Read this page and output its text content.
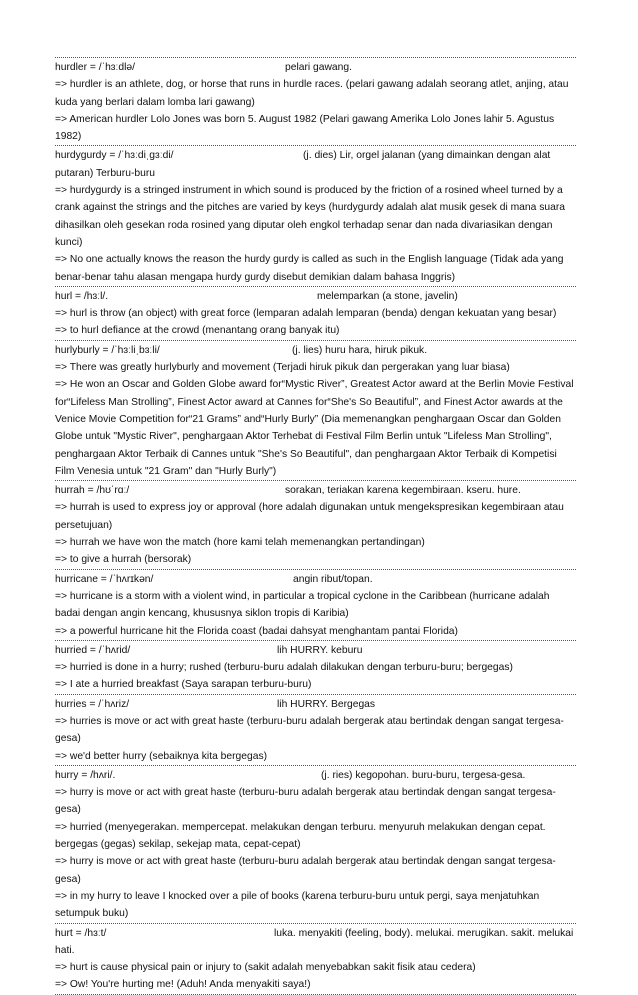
hurdler = /ˈhɜːdlə/	pelari gawang.
=> hurdler is an athlete, dog, or horse that runs in hurdle races. (pelari gawang adalah seorang atlet, anjing, atau kuda yang berlari dalam lomba lari gawang)
=> American hurdler Lolo Jones was born 5. August 1982 (Pelari gawang Amerika Lolo Jones lahir 5. Agustus 1982)
hurdygurdy = /ˈhɜːdiˌɡɜːdi/	(j. dies) Lir, orgel jalanan (yang dimainkan dengan alat putaran) Terburu-buru
=> hurdygurdy is a stringed instrument in which sound is produced by the friction of a rosined wheel turned by a crank against the strings and the pitches are varied by keys (hurdygurdy adalah alat musik gesek di mana suara dihasilkan oleh gesekan roda rosined yang diputar oleh engkol terhadap senar dan nada divariasikan dengan kunci)
=> No one actually knows the reason the hurdy gurdy is called as such in the English language (Tidak ada yang benar-benar tahu alasan mengapa hurdy gurdy disebut demikian dalam bahasa Inggris)
hurl = /hɜːl/.	melemparkan (a stone, javelin)
=> hurl is throw (an object) with great force (lemparan adalah lemparan (benda) dengan kekuatan yang besar)
=> to hurl defiance at the crowd (menantang orang banyak itu)
hurlyburly = /ˈhɜːliˌbɜːli/	(j. lies) huru hara, hiruk pikuk.
=> There was greatly hurlyburly and movement (Terjadi hiruk pikuk dan pergerakan yang luar biasa)
=> He won an Oscar and Golden Globe award for“Mystic River”, Greatest Actor award at the Berlin Movie Festival for“Lifeless Man Strolling”, Finest Actor award at Cannes for“She's So Beautiful”, and Finest Actor awards at the Venice Movie Competition for“21 Grams” and“Hurly Burly” (Dia memenangkan penghargaan Oscar dan Golden Globe untuk "Mystic River", penghargaan Aktor Terhebat di Festival Film Berlin untuk "Lifeless Man Strolling", penghargaan Aktor Terbaik di Cannes untuk "She's So Beautiful", dan penghargaan Aktor Terbaik di Kompetisi Film Venesia untuk "21 Gram" dan "Hurly Burly")
hurrah = /hʊˈrɑː/	sorakan, teriakan karena kegembiraan. kseru. hure.
=> hurrah is used to express joy or approval (hore adalah digunakan untuk mengekspresikan kegembiraan atau persetujuan)
=> hurrah we have won the match (hore kami telah memenangkan pertandingan)
=> to give a hurrah (bersorak)
hurricane = /ˈhʌrɪkən/	angin ribut/topan.
=> hurricane is a storm with a violent wind, in particular a tropical cyclone in the Caribbean (hurricane adalah badai dengan angin kencang, khususnya siklon tropis di Karibia)
=> a powerful hurricane hit the Florida coast (badai dahsyat menghantam pantai Florida)
hurried = /ˈhʌrid/	lih HURRY. keburu
=> hurried is done in a hurry; rushed (terburu-buru adalah dilakukan dengan terburu-buru; bergegas)
=> I ate a hurried breakfast (Saya sarapan terburu-buru)
hurries = /ˈhʌriz/	lih HURRY. Bergegas
=> hurries is move or act with great haste (terburu-buru adalah bergerak atau bertindak dengan sangat tergesa-gesa)
=> we'd better hurry (sebaiknya kita bergegas)
hurry = /hʌri/.	(j. ries) kegopohan. buru-buru, tergesa-gesa.
=> hurry is move or act with great haste (terburu-buru adalah bergerak atau bertindak dengan sangat tergesa-gesa)
=> hurried (menyegerakan. mempercepat. melakukan dengan terburu. menyuruh melakukan dengan cepat. bergegas (gegas) sekilap, sekejap mata, cepat-cepat)
=> hurry is move or act with great haste (terburu-buru adalah bergerak atau bertindak dengan sangat tergesa-gesa)
=> in my hurry to leave I knocked over a pile of books (karena terburu-buru untuk pergi, saya menjatuhkan setumpuk buku)
hurt = /hɜːt/	luka. menyakiti (feeling, body). melukai. merugikan. sakit. melukai hati.
=> hurt is cause physical pain or injury to (sakit adalah menyebabkan sakit fisik atau cedera)
=> Ow! You're hurting me! (Aduh! Anda menyakiti saya!)
